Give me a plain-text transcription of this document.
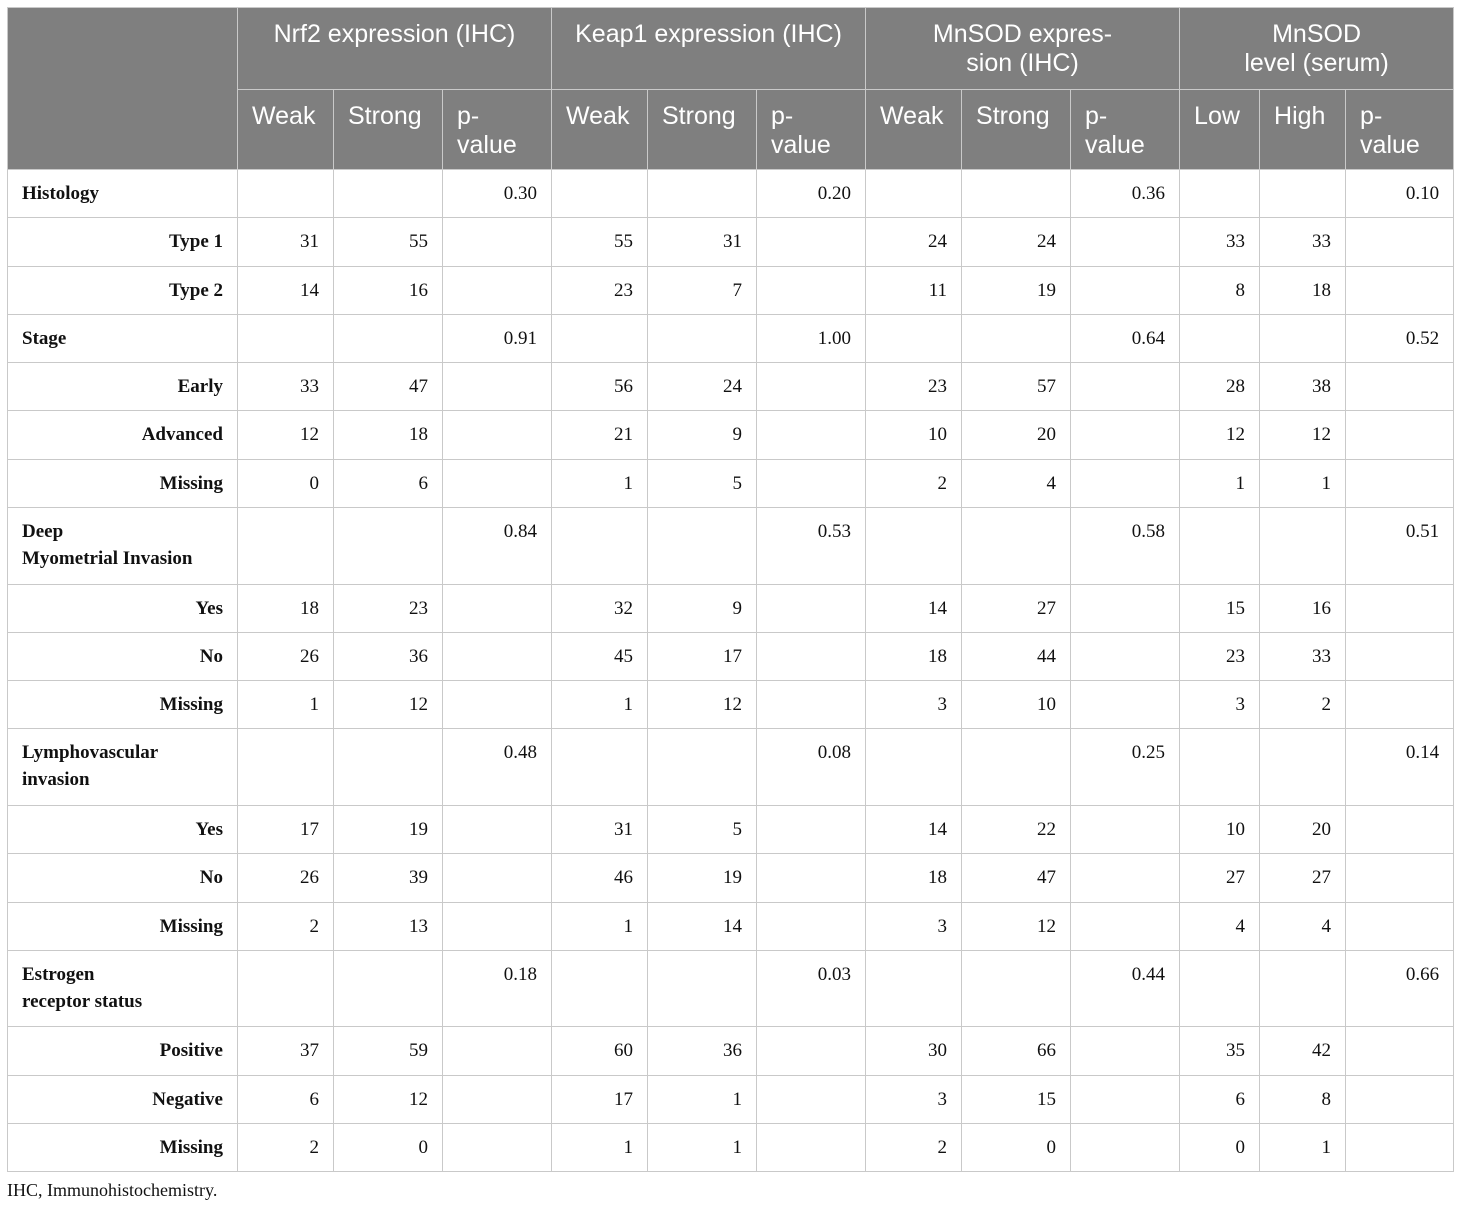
	Nrf2 expression (IHC)			Keap1 expression (IHC)			MnSOD expres-
sion (IHC)			MnSOD
level (serum)		
	Weak	Strong	p-
value	Weak	Strong	p-
value	Weak	Strong	p-
value	Low	High	p-
value
Histology			0.30			0.20			0.36			0.10
Type 1	31	55		55	31		24	24		33	33	
Type 2	14	16		23	7		11	19		8	18	
Stage			0.91			1.00			0.64			0.52
Early	33	47		56	24		23	57		28	38	
Advanced	12	18		21	9		10	20		12	12	
Missing	0	6		1	5		2	4		1	1	
Deep
Myometrial Invasion			0.84			0.53			0.58			0.51
Yes	18	23		32	9		14	27		15	16	
No	26	36		45	17		18	44		23	33	
Missing	1	12		1	12		3	10		3	2	
Lymphovascular
invasion			0.48			0.08			0.25			0.14
Yes	17	19		31	5		14	22		10	20	
No	26	39		46	19		18	47		27	27	
Missing	2	13		1	14		3	12		4	4	
Estrogen
receptor status			0.18			0.03			0.44			0.66
Positive	37	59		60	36		30	66		35	42	
Negative	6	12		17	1		3	15		6	8	
Missing	2	0		1	1		2	0		0	1	
IHC, Immunohistochemistry.
